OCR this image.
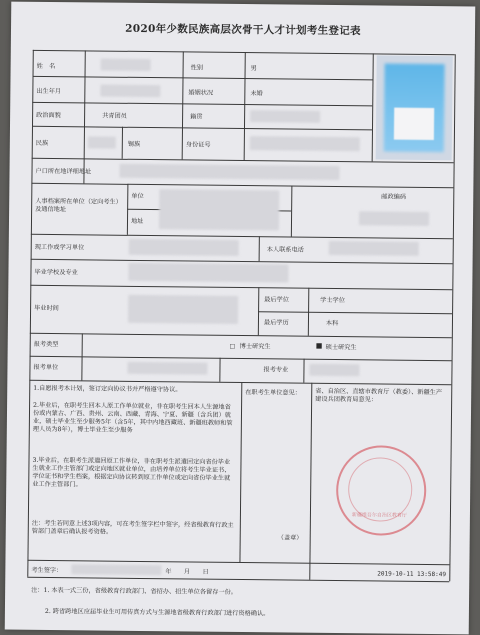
2020年少数民族高层次骨干人才计划考生登记表
姓　名	性别	男
出生年月	婚姻状况	未婚
政治面貌	共青团员	籍贯
民族	锡族	身份证号
户口所在地详细地址
人事档案所在单位（定向考生）及通信地址
单位
地址
邮政编码
现工作或学习单位	本人联系电话
毕业学校及专业
毕业时间
最后学位	学士学位
最后学历	本科
报考类型	□ 博士研究生	■ 硕士研究生
报考单位	报考专业
1.自愿报考本计划，签订定向协议书并严格遵守协议。
2.毕业后，在职考生回本人原工作单位就业，非在职考生回本人生源地省份或内蒙古、广西、贵州、云南、西藏、青海、宁夏、新疆（含兵团）就业，硕士毕业生至少服务5年（含5年，其中内地西藏班、新疆班教师和管理人员为8年），博士毕业生至少服务
3.毕业后，在职考生派遣回原工作单位，非在职考生派遣回定向省份毕业生就业工作主管部门或定向地区就业单位，由培养单位将考生毕业证书、学位证书和学生档案，根据定向协议转到原工作单位或定向省份毕业生就业工作主管部门。
注：考生若同意上述3项内容，可在考生签字栏中签字，经省级教育行政主管部门盖章后确认报考资格。
在职考生单位意见：	省、自治区、直辖市教育厅（教委）、新疆生产建设兵团教育局意见：
新疆维吾尔自治区教育厅
（盖章）
2019-10-11 13:58:49
考生签字：	年　　月　　日
注：1. 本表一式三份，省级教育行政部门、省招办、招生单位各留存一份。
2. 跨省跨地区应届毕业生可用传真方式与生源地省级教育行政部门进行资格确认。
